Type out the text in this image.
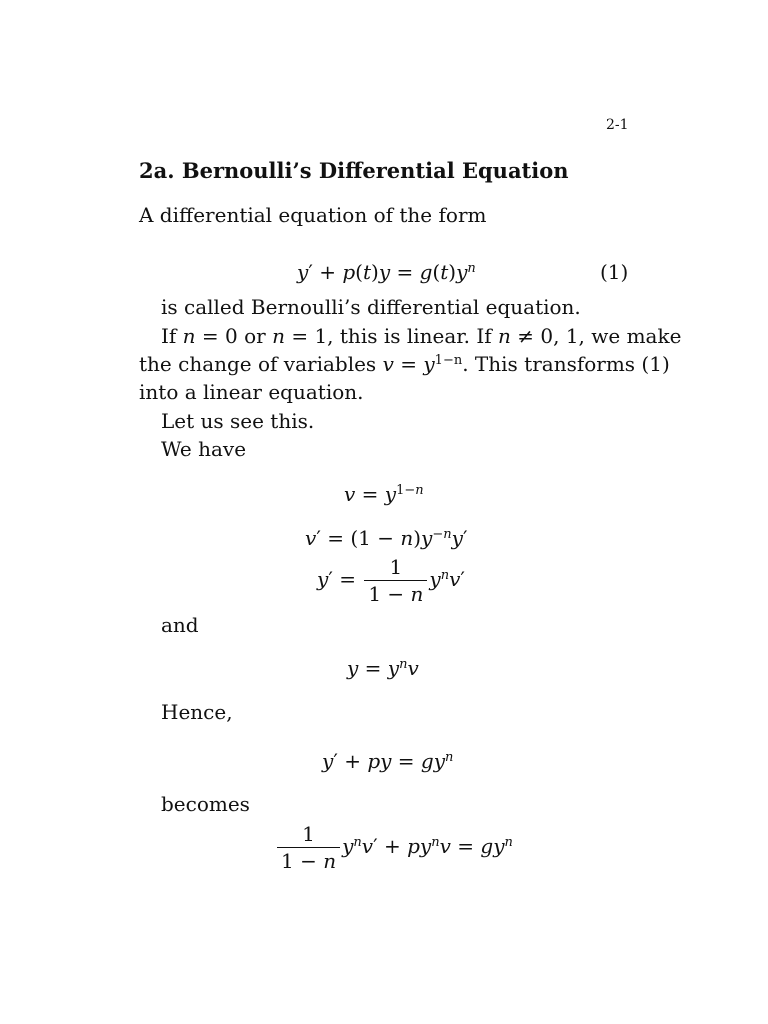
2-1
2a. Bernoulli’s Differential Equation
A differential equation of the form
$y' + p(t)y = g(t)y^n$	(1)
is called Bernoulli’s differential equation.
If n = 0 or n = 1, this is linear. If n ≠ 0, 1, we make
the change of variables $v = y^{1-n}$. This transforms (1)
into a linear equation.
Let us see this.
We have
$v = y^{1-n}$
$v' = (1 - n)y^{-n}y'$
$y' = \frac{1}{1 - n} y^nv'$
and
$y = y^nv$
Hence,
y′ + py = $gy^n$
becomes
$\frac{1}{1 - n} y^nv' + py^nv = gy^n$
